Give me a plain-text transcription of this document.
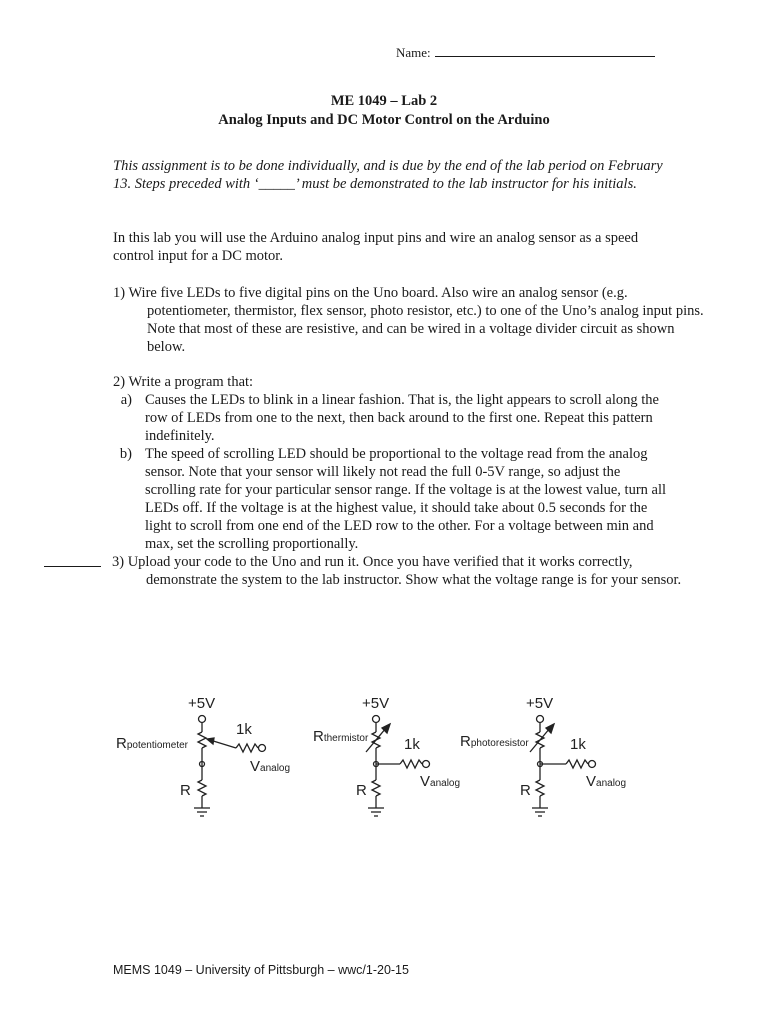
Name:
ME 1049 – Lab 2
Analog Inputs and DC Motor Control on the Arduino
This assignment is to be done individually, and is due by the end of the lab period on February 13. Steps preceded with ‘_____’ must be demonstrated to the lab instructor for his initials.
In this lab you will use the Arduino analog input pins and wire an analog sensor as a speed control input for a DC motor.
1) Wire five LEDs to five digital pins on the Uno board. Also wire an analog sensor (e.g. potentiometer, thermistor, flex sensor, photo resistor, etc.) to one of the Uno’s analog input pins. Note that most of these are resistive, and can be wired in a voltage divider circuit as shown below.
2) Write a program that:
a) Causes the LEDs to blink in a linear fashion. That is, the light appears to scroll along the row of LEDs from one to the next, then back around to the first one. Repeat this pattern indefinitely.
b) The speed of scrolling LED should be proportional to the voltage read from the analog sensor. Note that your sensor will likely not read the full 0-5V range, so adjust the scrolling rate for your particular sensor range. If the voltage is at the lowest value, turn all LEDs off. If the voltage is at the highest value, it should take about 0.5 seconds for the light to scroll from one end of the LED row to the other. For a voltage between min and max, set the scrolling proportionally.
3) Upload your code to the Uno and run it. Once you have verified that it works correctly, demonstrate the system to the lab instructor. Show what the voltage range is for your sensor.
+5V
Rpotentiometer
1k
Vanalog
R
+5V
Rthermistor 1k
Vanalog
R
+5V
Rphotoresistor	1k
Vanalog
R
MEMS 1049 – University of Pittsburgh – wwc/1-20-15
